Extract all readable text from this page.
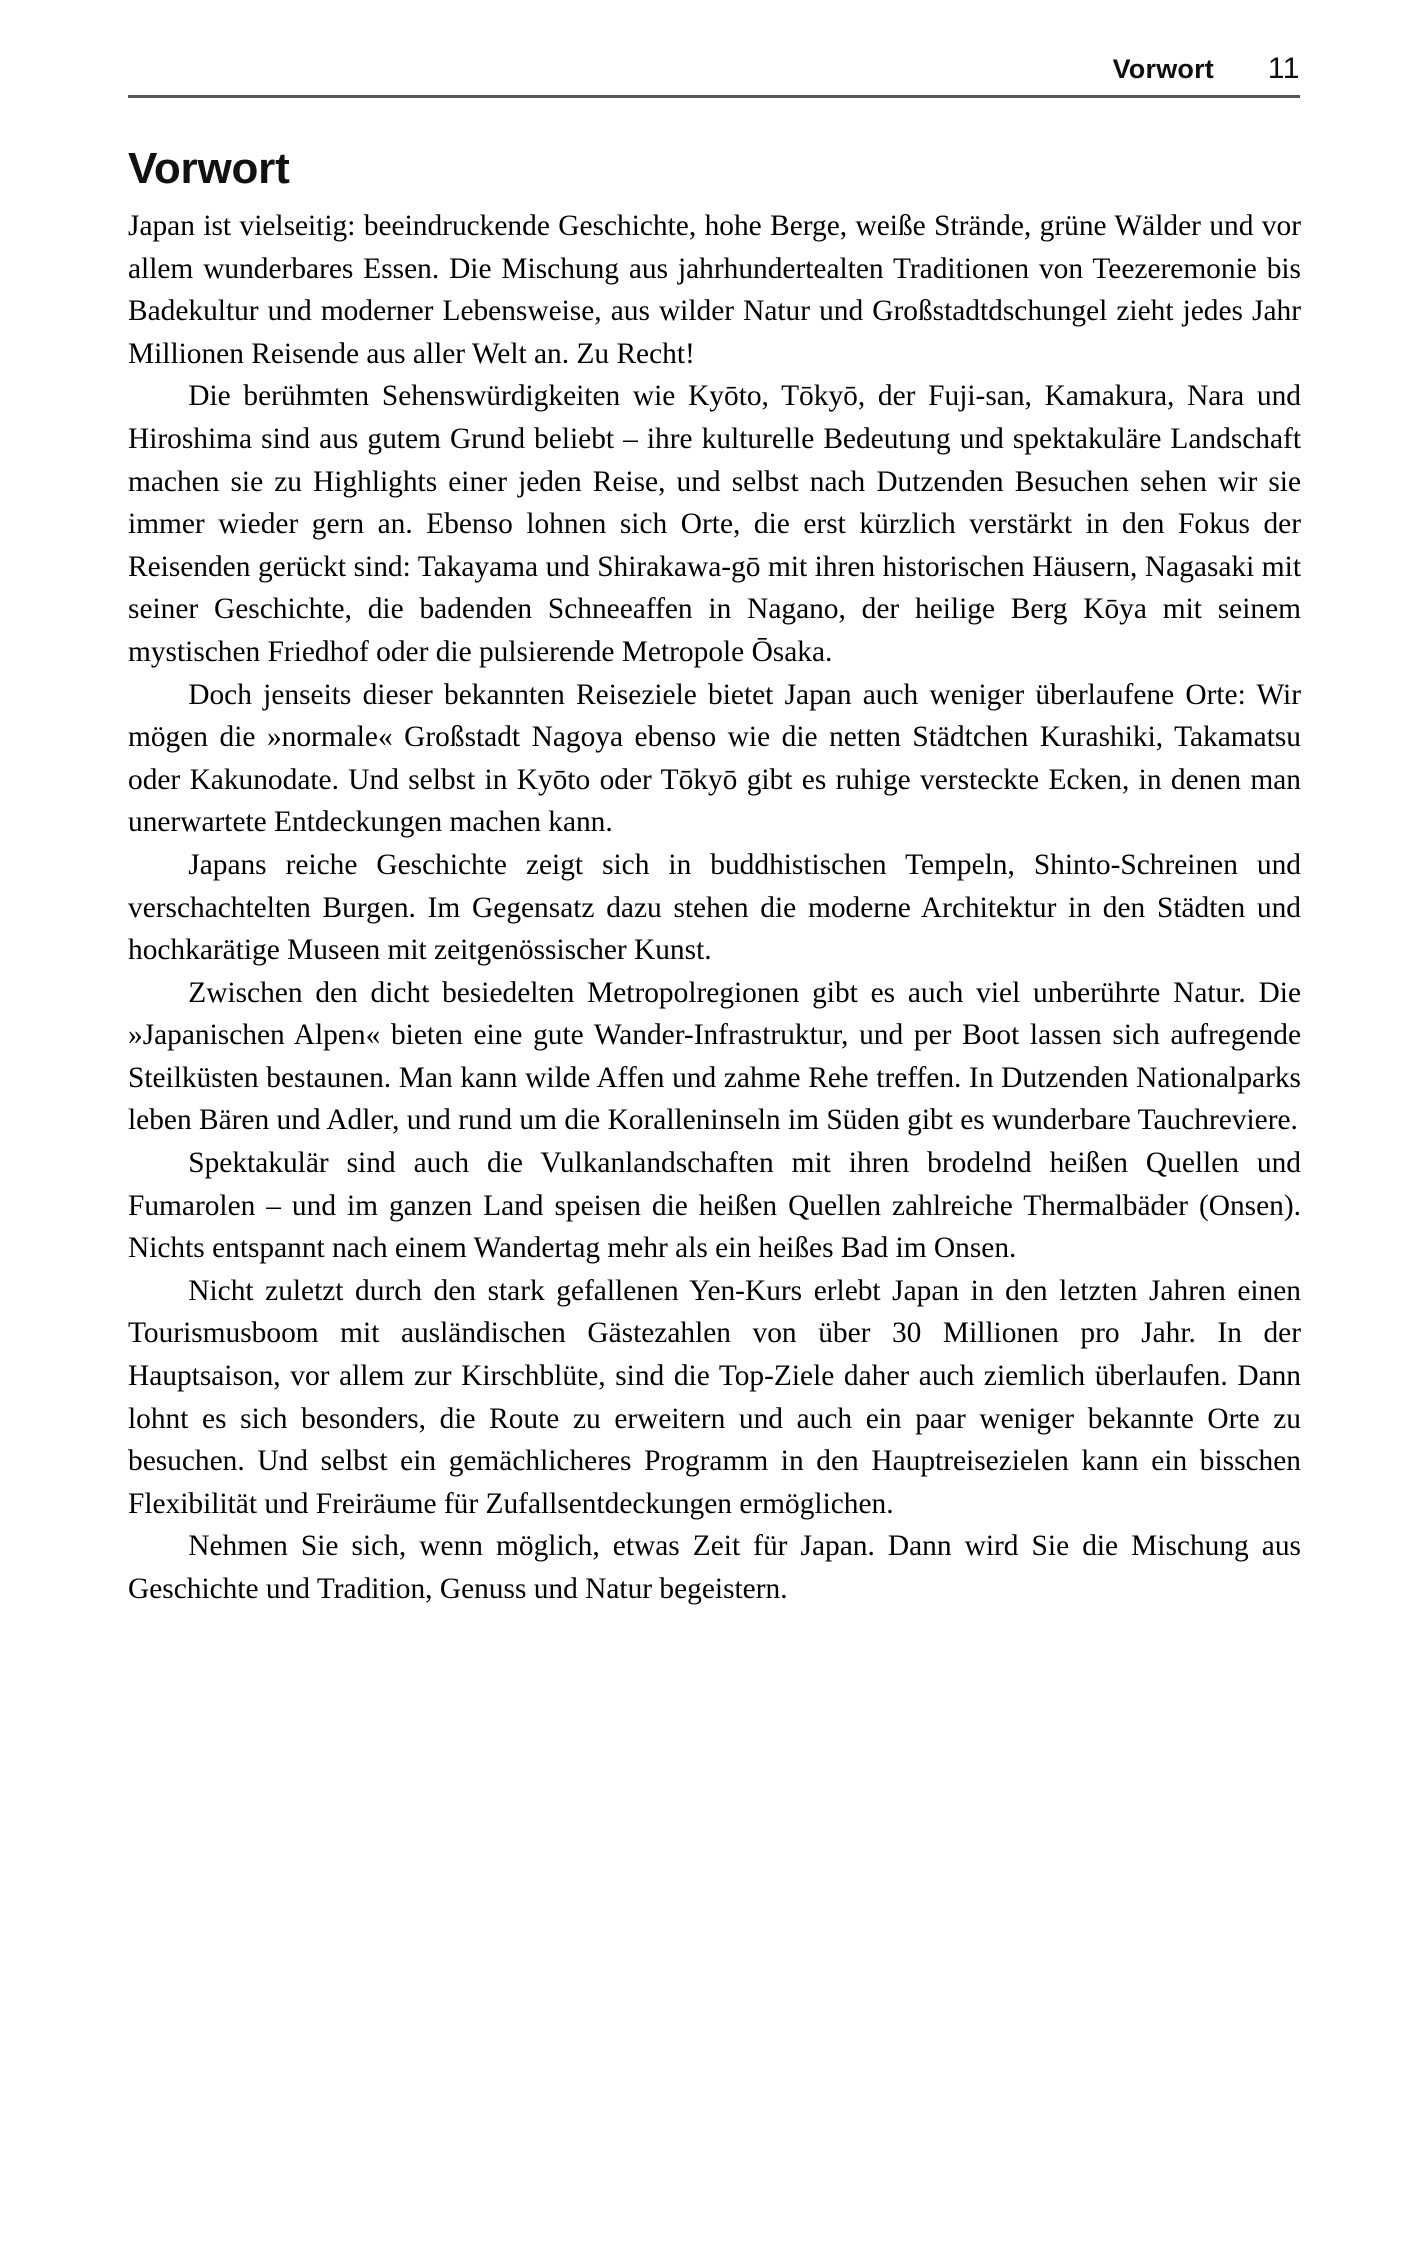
Vorwort	11
Vorwort

Japan ist vielseitig: beeindruckende Geschichte, hohe Berge, weiße Strände, grüne Wälder und vor allem wunderbares Essen. Die Mischung aus jahrhundertealten Traditionen von Teezeremonie bis Badekultur und moderner Lebensweise, aus wilder Natur und Großstadtdschungel zieht jedes Jahr Millionen Reisende aus aller Welt an. Zu Recht!

Die berühmten Sehenswürdigkeiten wie Kyōto, Tōkyō, der Fuji-san, Kamakura, Nara und Hiroshima sind aus gutem Grund beliebt – ihre kulturelle Bedeutung und spektakuläre Landschaft machen sie zu Highlights einer jeden Reise, und selbst nach Dutzenden Besuchen sehen wir sie immer wieder gern an. Ebenso lohnen sich Orte, die erst kürzlich verstärkt in den Fokus der Reisenden gerückt sind: Takayama und Shirakawa-gō mit ihren historischen Häusern, Nagasaki mit seiner Geschichte, die badenden Schneeaffen in Nagano, der heilige Berg Kōya mit seinem mystischen Friedhof oder die pulsierende Metropole Ōsaka.

Doch jenseits dieser bekannten Reiseziele bietet Japan auch weniger überlaufene Orte: Wir mögen die »normale« Großstadt Nagoya ebenso wie die netten Städtchen Kurashiki, Takamatsu oder Kakunodate. Und selbst in Kyōto oder Tōkyō gibt es ruhige versteckte Ecken, in denen man unerwartete Entdeckungen machen kann.

Japans reiche Geschichte zeigt sich in buddhistischen Tempeln, Shinto-Schreinen und verschachtelten Burgen. Im Gegensatz dazu stehen die moderne Architektur in den Städten und hochkarätige Museen mit zeitgenössischer Kunst.

Zwischen den dicht besiedelten Metropolregionen gibt es auch viel unberührte Natur. Die »Japanischen Alpen« bieten eine gute Wander-Infrastruktur, und per Boot lassen sich aufregende Steilküsten bestaunen. Man kann wilde Affen und zahme Rehe treffen. In Dutzenden Nationalparks leben Bären und Adler, und rund um die Koralleninseln im Süden gibt es wunderbare Tauchreviere.

Spektakulär sind auch die Vulkanlandschaften mit ihren brodelnd heißen Quellen und Fumarolen – und im ganzen Land speisen die heißen Quellen zahlreiche Thermalbäder (Onsen). Nichts entspannt nach einem Wandertag mehr als ein heißes Bad im Onsen.

Nicht zuletzt durch den stark gefallenen Yen-Kurs erlebt Japan in den letzten Jahren einen Tourismusboom mit ausländischen Gästezahlen von über 30 Millionen pro Jahr. In der Hauptsaison, vor allem zur Kirschblüte, sind die Top-Ziele daher auch ziemlich überlaufen. Dann lohnt es sich besonders, die Route zu erweitern und auch ein paar weniger bekannte Orte zu besuchen. Und selbst ein gemächlicheres Programm in den Hauptreisezielen kann ein bisschen Flexibilität und Freiräume für Zufallsentdeckungen ermöglichen.

Nehmen Sie sich, wenn möglich, etwas Zeit für Japan. Dann wird Sie die Mischung aus Geschichte und Tradition, Genuss und Natur begeistern.
